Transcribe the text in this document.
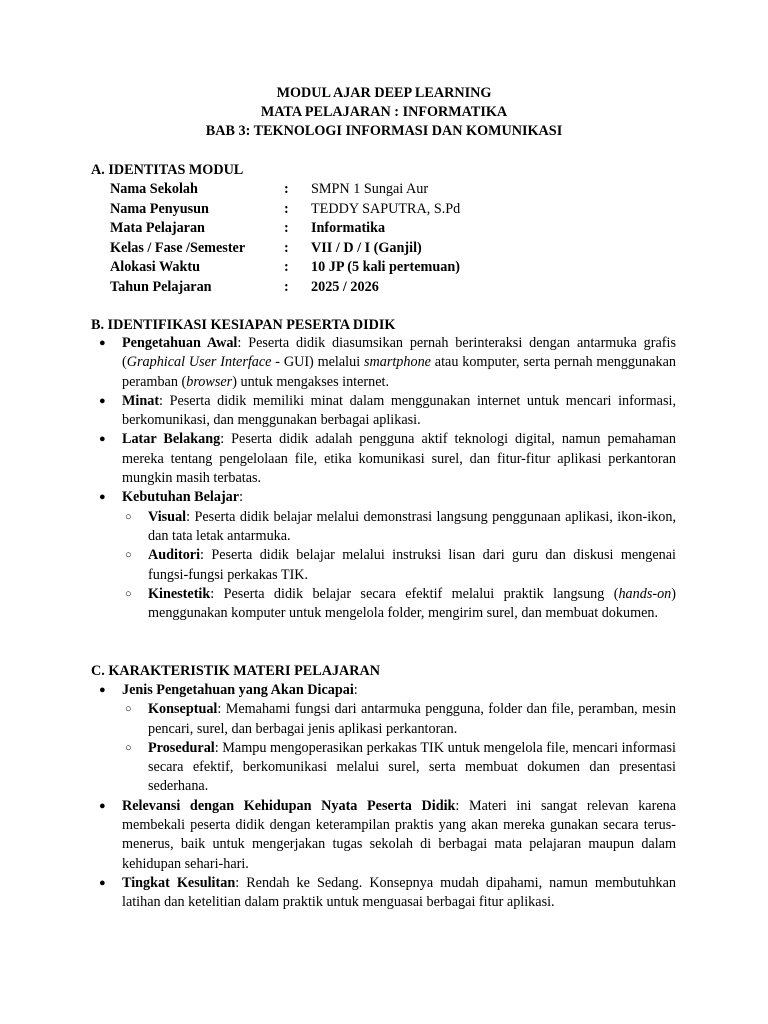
MODUL AJAR DEEP LEARNING
MATA PELAJARAN : INFORMATIKA
BAB 3: TEKNOLOGI INFORMASI DAN KOMUNIKASI
A. IDENTITAS MODUL
Nama Sekolah	:	SMPN 1 Sungai Aur
Nama Penyusun	:	TEDDY SAPUTRA, S.Pd
Mata Pelajaran	:	Informatika
Kelas / Fase /Semester	:	VII / D / I (Ganjil)
Alokasi Waktu	:	10 JP (5 kali pertemuan)
Tahun Pelajaran	:	2025 / 2026
B. IDENTIFIKASI KESIAPAN PESERTA DIDIK
● Pengetahuan Awal: Peserta didik diasumsikan pernah berinteraksi dengan antarmuka grafis (Graphical User Interface - GUI) melalui smartphone atau komputer, serta pernah menggunakan peramban (browser) untuk mengakses internet.
● Minat: Peserta didik memiliki minat dalam menggunakan internet untuk mencari informasi, berkomunikasi, dan menggunakan berbagai aplikasi.
● Latar Belakang: Peserta didik adalah pengguna aktif teknologi digital, namun pemahaman mereka tentang pengelolaan file, etika komunikasi surel, dan fitur-fitur aplikasi perkantoran mungkin masih terbatas.
● Kebutuhan Belajar:
○ Visual: Peserta didik belajar melalui demonstrasi langsung penggunaan aplikasi, ikon-ikon, dan tata letak antarmuka.
○ Auditori: Peserta didik belajar melalui instruksi lisan dari guru dan diskusi mengenai fungsi-fungsi perkakas TIK.
○ Kinestetik: Peserta didik belajar secara efektif melalui praktik langsung (hands-on) menggunakan komputer untuk mengelola folder, mengirim surel, dan membuat dokumen.
C. KARAKTERISTIK MATERI PELAJARAN
● Jenis Pengetahuan yang Akan Dicapai:
○ Konseptual: Memahami fungsi dari antarmuka pengguna, folder dan file, peramban, mesin pencari, surel, dan berbagai jenis aplikasi perkantoran.
○ Prosedural: Mampu mengoperasikan perkakas TIK untuk mengelola file, mencari informasi secara efektif, berkomunikasi melalui surel, serta membuat dokumen dan presentasi sederhana.
● Relevansi dengan Kehidupan Nyata Peserta Didik: Materi ini sangat relevan karena membekali peserta didik dengan keterampilan praktis yang akan mereka gunakan secara terus-menerus, baik untuk mengerjakan tugas sekolah di berbagai mata pelajaran maupun dalam kehidupan sehari-hari.
● Tingkat Kesulitan: Rendah ke Sedang. Konsepnya mudah dipahami, namun membutuhkan latihan dan ketelitian dalam praktik untuk menguasai berbagai fitur aplikasi.
